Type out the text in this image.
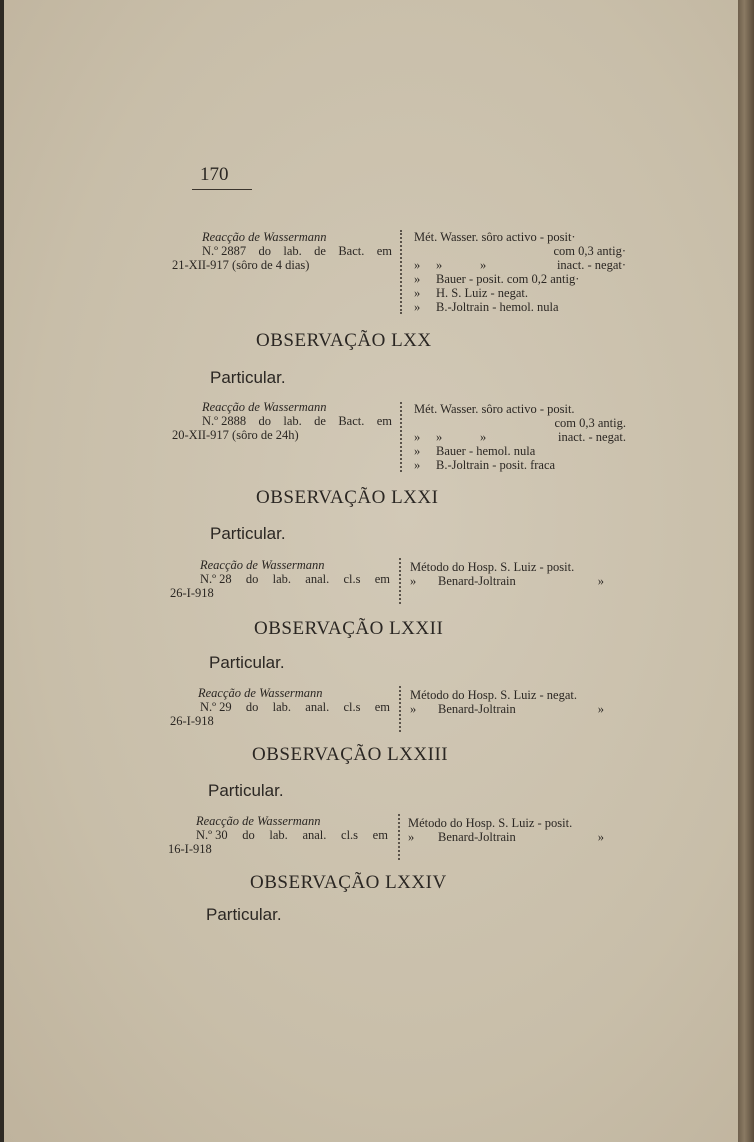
170
Reacção de Wassermann
N.º 2887 do lab. de Bact. em
21-XII-917 (sôro de 4 dias)
Mét. Wasser. sôro activo - posit·
com 0,3 antig·
»	»	»	inact. - negat·
»	Bauer - posit. com 0,2 antig·
»	H. S. Luiz - negat.
»	B.-Joltrain - hemol. nula
OBSERVAÇÃO LXX
Particular.
Reacção de Wassermann
N.º 2888 do lab. de Bact. em
20-XII-917 (sôro de 24h)
Mét. Wasser. sôro activo - posit.
com 0,3 antig.
»	»	»	inact. - negat.
»	Bauer - hemol. nula
»	B.-Joltrain - posit. fraca
OBSERVAÇÃO LXXI
Particular.
Reacção de Wassermann
N.º 28 do lab. anal. cl.s em
26-I-918
Método do Hosp. S. Luiz - posit.
»	Benard-Joltrain	»
OBSERVAÇÃO LXXII
Particular.
Reacção de Wassermann
N.º 29 do lab. anal. cl.s em
26-I-918
Método do Hosp. S. Luiz - negat.
»	Benard-Joltrain	»
OBSERVAÇÃO LXXIII
Particular.
Reacção de Wassermann
N.º 30 do lab. anal. cl.s em
16-I-918
Método do Hosp. S. Luiz - posit.
»	Benard-Joltrain	»
OBSERVAÇÃO LXXIV
Particular.
